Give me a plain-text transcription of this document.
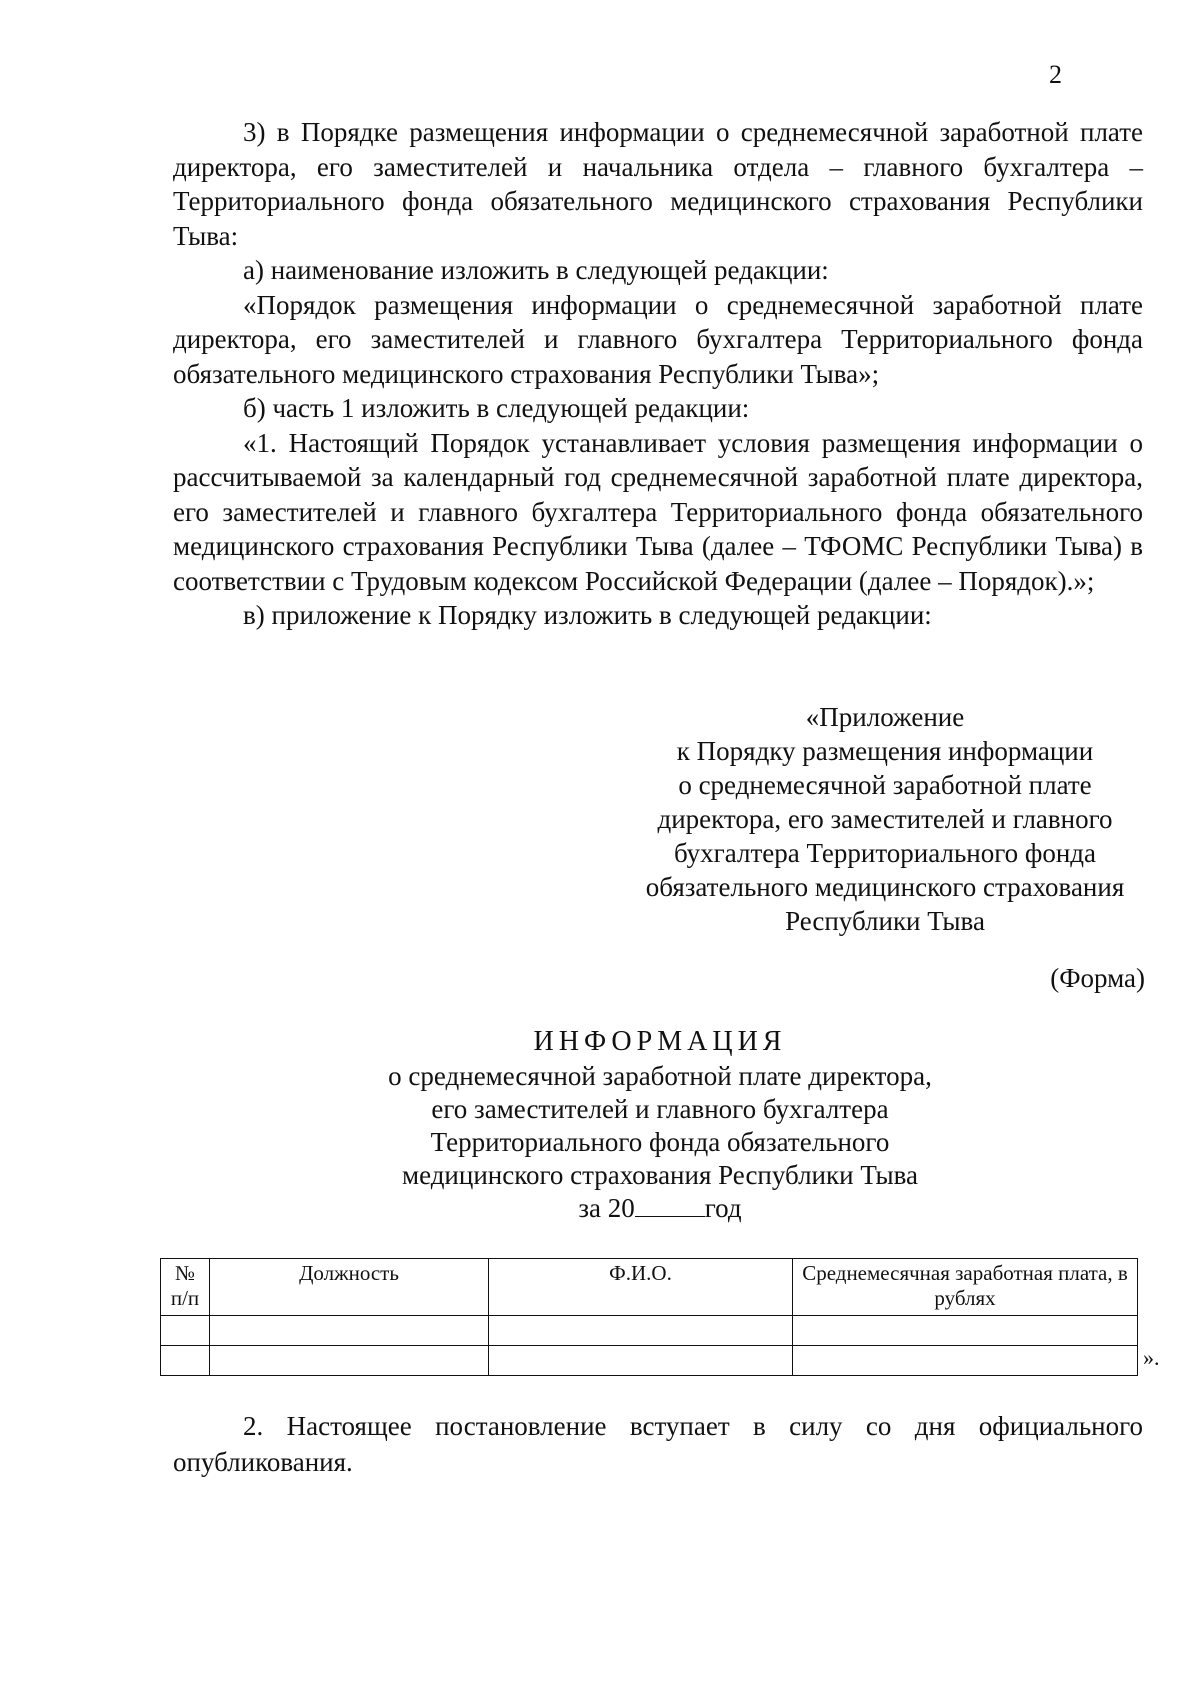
2

3) в Порядке размещения информации о среднемесячной заработной плате директора, его заместителей и начальника отдела – главного бухгалтера – Территориального фонда обязательного медицинского страхования Республики Тыва:

а) наименование изложить в следующей редакции:

«Порядок размещения информации о среднемесячной заработной плате директора, его заместителей и главного бухгалтера Территориального фонда обязательного медицинского страхования Республики Тыва»;

б) часть 1 изложить в следующей редакции:

«1. Настоящий Порядок устанавливает условия размещения информации о рассчитываемой за календарный год среднемесячной заработной плате директора, его заместителей и главного бухгалтера Территориального фонда обязательного медицинского страхования Республики Тыва (далее – ТФОМС Республики Тыва) в соответствии с Трудовым кодексом Российской Федерации (далее – Порядок).»;

в) приложение к Порядку изложить в следующей редакции:

«Приложение

к Порядку размещения информации

о среднемесячной заработной плате

директора, его заместителей и главного

бухгалтера Территориального фонда

обязательного медицинского страхования

Республики Тыва

(Форма)

ИНФОРМАЦИЯ

о среднемесячной заработной плате директора,

его заместителей и главного бухгалтера

Территориального фонда обязательного

медицинского страхования Республики Тыва

за 20	год

№ п/п	Должность	Ф.И.О.	Среднемесячная заработная плата, в рублях

».

2. Настоящее постановление вступает в силу со дня официального опубликования.
